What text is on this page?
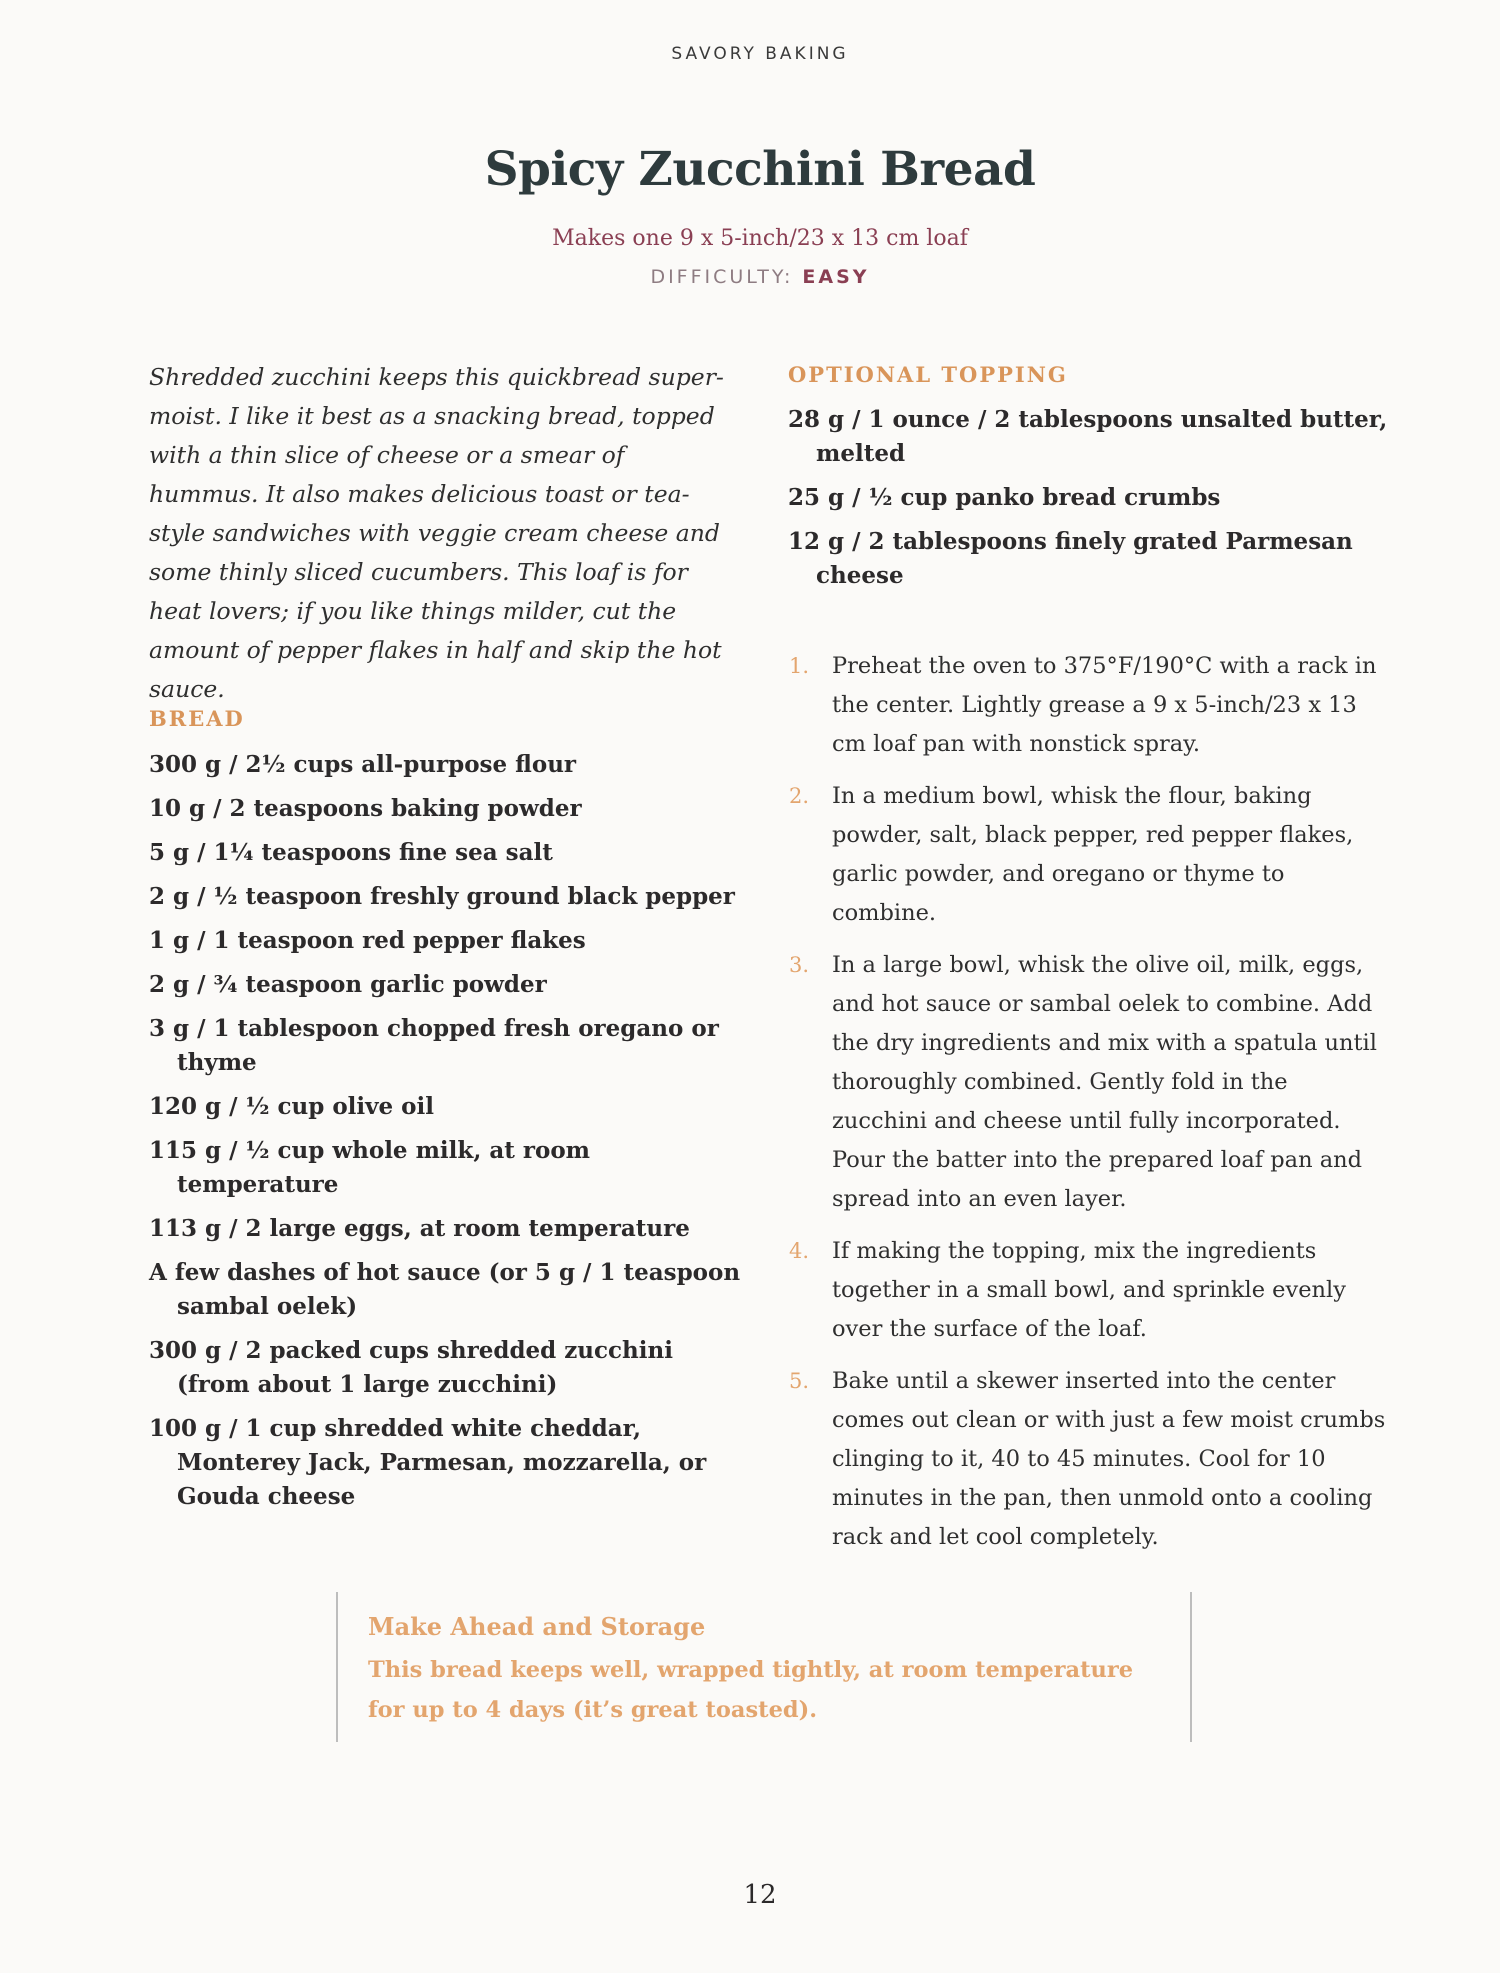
SAVORY BAKING
Spicy Zucchini Bread
Makes one 9 x 5-inch/23 x 13 cm loaf
DIFFICULTY: EASY

Shredded zucchini keeps this quickbread super-moist. I like it best as a snacking bread, topped with a thin slice of cheese or a smear of hummus. It also makes delicious toast or tea-style sandwiches with veggie cream cheese and some thinly sliced cucumbers. This loaf is for heat lovers; if you like things milder, cut the amount of pepper flakes in half and skip the hot sauce.

BREAD
300 g / 2½ cups all-purpose flour
10 g / 2 teaspoons baking powder
5 g / 1¼ teaspoons fine sea salt
2 g / ½ teaspoon freshly ground black pepper
1 g / 1 teaspoon red pepper flakes
2 g / ¾ teaspoon garlic powder
3 g / 1 tablespoon chopped fresh oregano or thyme
120 g / ½ cup olive oil
115 g / ½ cup whole milk, at room temperature
113 g / 2 large eggs, at room temperature
A few dashes of hot sauce (or 5 g / 1 teaspoon sambal oelek)
300 g / 2 packed cups shredded zucchini (from about 1 large zucchini)
100 g / 1 cup shredded white cheddar, Monterey Jack, Parmesan, mozzarella, or Gouda cheese
OPTIONAL TOPPING
28 g / 1 ounce / 2 tablespoons unsalted butter, melted
25 g / ½ cup panko bread crumbs
12 g / 2 tablespoons finely grated Parmesan cheese
1. Preheat the oven to 375°F/190°C with a rack in the center. Lightly grease a 9 x 5-inch/23 x 13 cm loaf pan with nonstick spray.
2. In a medium bowl, whisk the flour, baking powder, salt, black pepper, red pepper flakes, garlic powder, and oregano or thyme to combine.
3. In a large bowl, whisk the olive oil, milk, eggs, and hot sauce or sambal oelek to combine. Add the dry ingredients and mix with a spatula until thoroughly combined. Gently fold in the zucchini and cheese until fully incorporated. Pour the batter into the prepared loaf pan and spread into an even layer.
4. If making the topping, mix the ingredients together in a small bowl, and sprinkle evenly over the surface of the loaf.
5. Bake until a skewer inserted into the center comes out clean or with just a few moist crumbs clinging to it, 40 to 45 minutes. Cool for 10 minutes in the pan, then unmold onto a cooling rack and let cool completely.
Make Ahead and Storage
This bread keeps well, wrapped tightly, at room temperature for up to 4 days (it’s great toasted).
12
